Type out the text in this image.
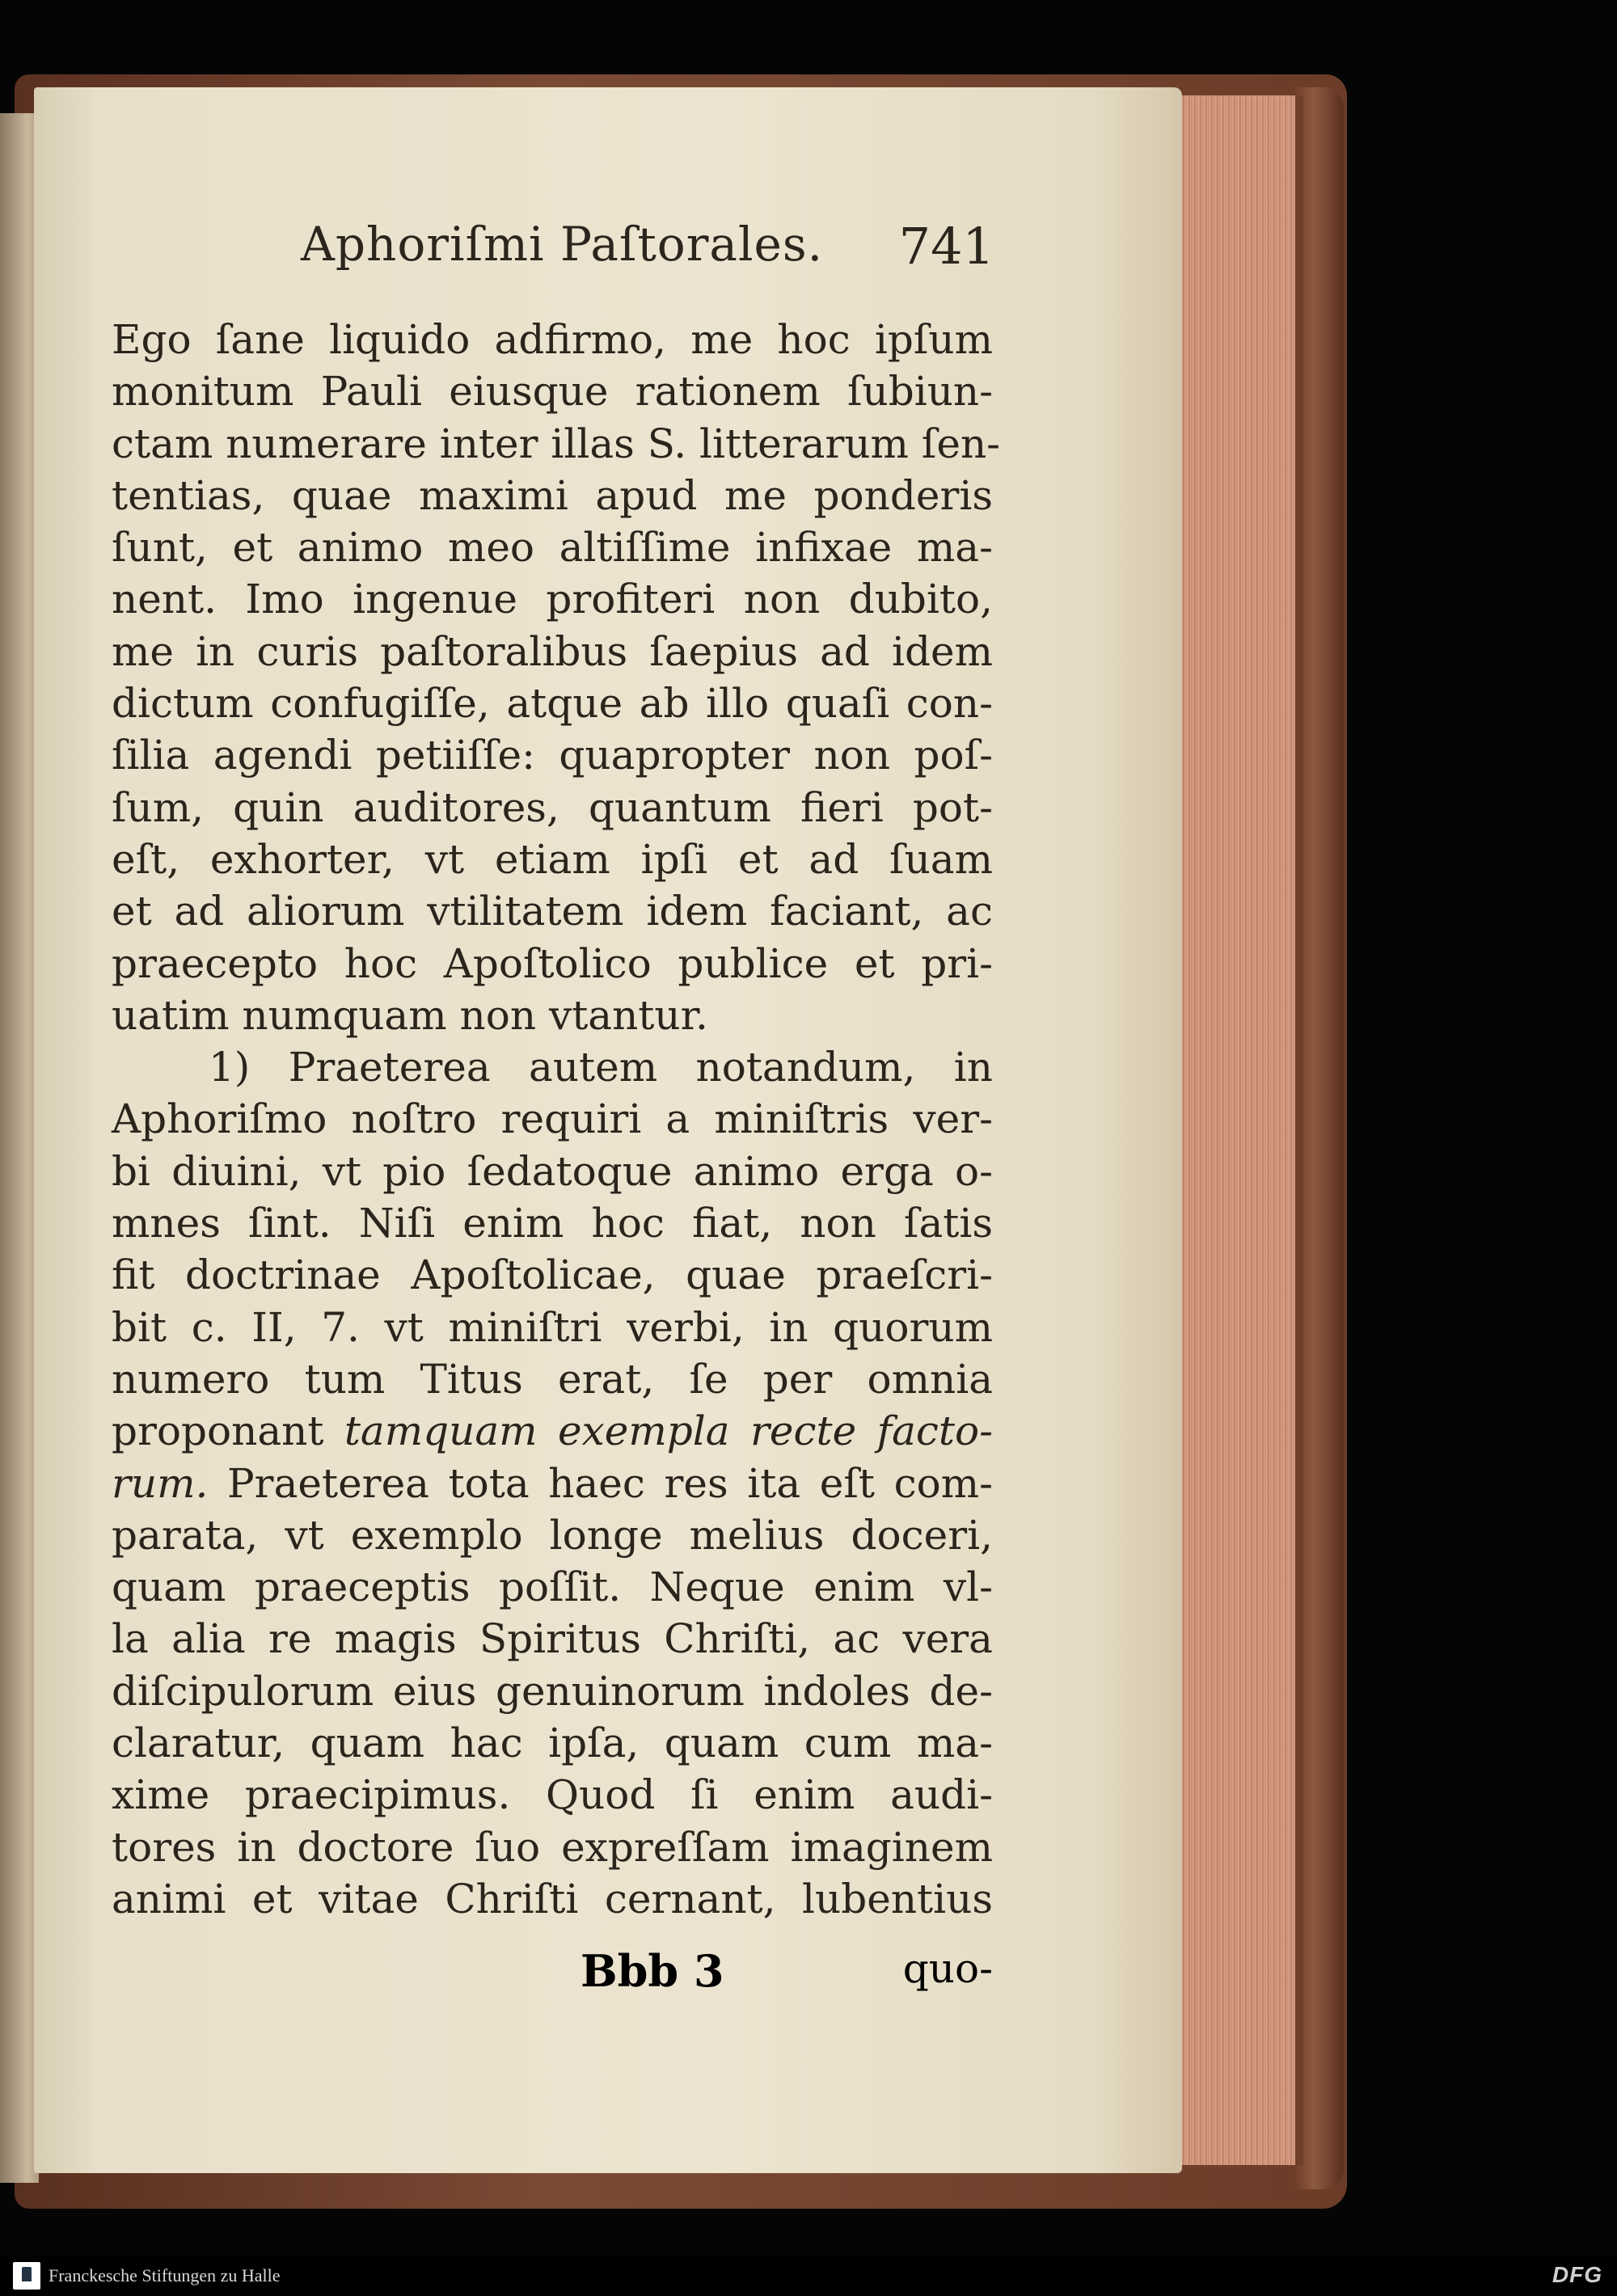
Aphoriſmi Paſtorales. 741
Ego ſane liquido adfirmo, me hoc ipſum
monitum Pauli eiusque rationem ſubiun-
ctam numerare inter illas S. litterarum ſen-
tentias, quae maximi apud me ponderis
ſunt, et animo meo altiſſime infixae ma-
nent. Imo ingenue profiteri non dubito,
me in curis paſtoralibus ſaepius ad idem
dictum confugiſſe, atque ab illo quaſi con-
ſilia agendi petiiſſe: quapropter non poſ-
ſum, quin auditores, quantum fieri pot-
eſt, exhorter, vt etiam ipſi et ad ſuam
et ad aliorum vtilitatem idem faciant, ac
praecepto hoc Apoſtolico publice et pri-
uatim numquam non vtantur.
1) Praeterea autem notandum, in
Aphoriſmo noſtro requiri a miniſtris ver-
bi diuini, vt pio ſedatoque animo erga o-
mnes ſint. Niſi enim hoc fiat, non ſatis
fit doctrinae Apoſtolicae, quae praeſcri-
bit c. II, 7. vt miniſtri verbi, in quorum
numero tum Titus erat, ſe per omnia
proponant tamquam exempla recte facto-
rum. Praeterea tota haec res ita eſt com-
parata, vt exemplo longe melius doceri,
quam praeceptis poſſit. Neque enim vl-
la alia re magis Spiritus Chriſti, ac vera
diſcipulorum eius genuinorum indoles de-
claratur, quam hac ipſa, quam cum ma-
xime praecipimus. Quod ſi enim audi-
tores in doctore ſuo expreſſam imaginem
animi et vitae Chriſti cernant, lubentius
Bbb 3	quo-
Franckesche Stiftungen zu Halle	DFG
